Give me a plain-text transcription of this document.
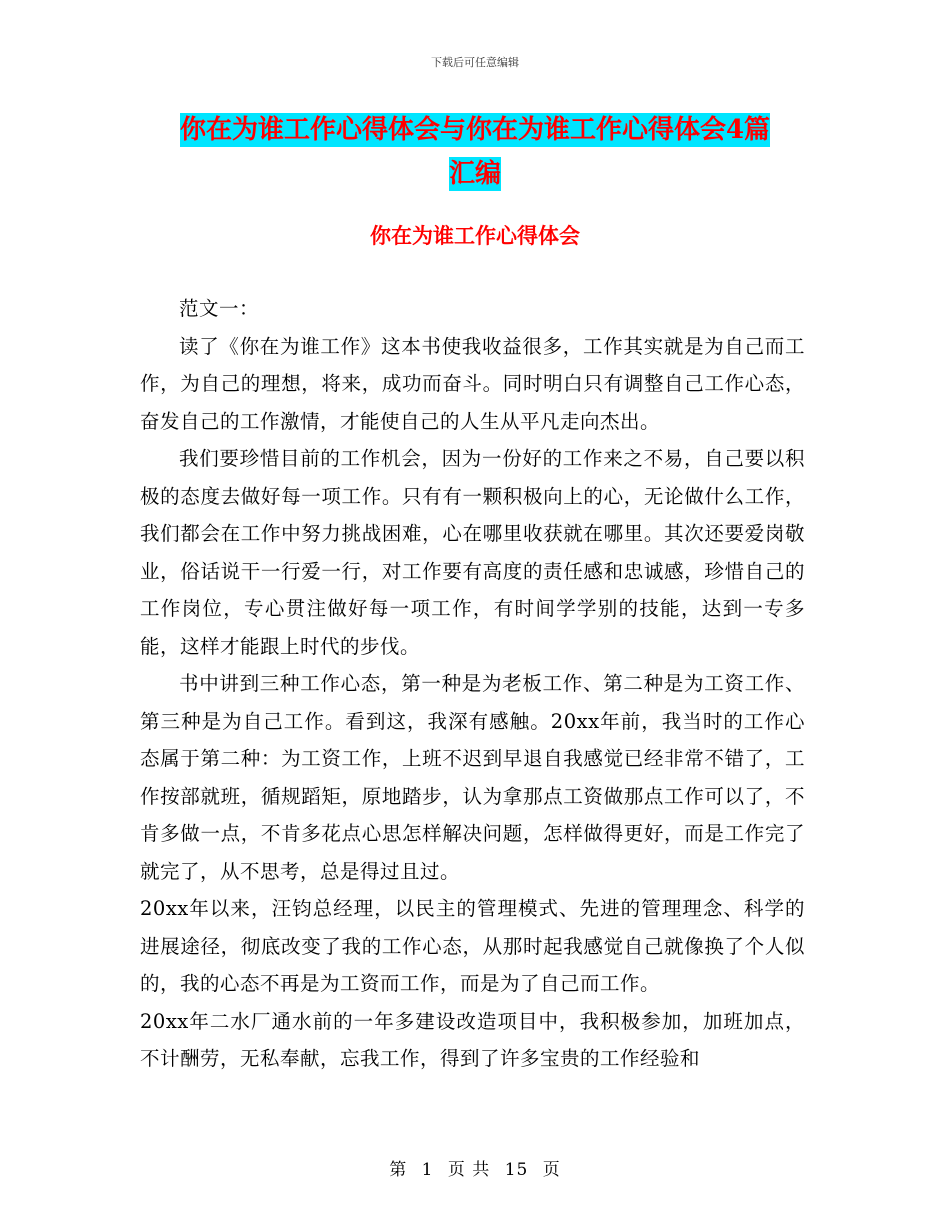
下载后可任意编辑
你在为谁工作心得体会与你在为谁工作心得体会4篇
汇编
你在为谁工作心得体会

范文一：

读了《你在为谁工作》这本书使我收益很多，工作其实就是为自己而工作，为自己的理想，将来，成功而奋斗。同时明白只有调整自己工作心态，奋发自己的工作激情，才能使自己的人生从平凡走向杰出。

我们要珍惜目前的工作机会，因为一份好的工作来之不易，自己要以积极的态度去做好每一项工作。只有有一颗积极向上的心，无论做什么工作，我们都会在工作中努力挑战困难，心在哪里收获就在哪里。其次还要爱岗敬业，俗话说干一行爱一行，对工作要有高度的责任感和忠诚感，珍惜自己的工作岗位，专心贯注做好每一项工作，有时间学学别的技能，达到一专多能，这样才能跟上时代的步伐。

书中讲到三种工作心态，第一种是为老板工作、第二种是为工资工作、第三种是为自己工作。看到这，我深有感触。20xx年前，我当时的工作心态属于第二种：为工资工作，上班不迟到早退自我感觉已经非常不错了，工作按部就班，循规蹈矩，原地踏步，认为拿那点工资做那点工作可以了，不肯多做一点，不肯多花点心思怎样解决问题，怎样做得更好，而是工作完了就完了，从不思考，总是得过且过。

20xx年以来，汪钧总经理，以民主的管理模式、先进的管理理念、科学的进展途径，彻底改变了我的工作心态，从那时起我感觉自己就像换了个人似的，我的心态不再是为工资而工作，而是为了自己而工作。

20xx年二水厂通水前的一年多建设改造项目中，我积极参加，加班加点，不计酬劳，无私奉献，忘我工作，得到了许多宝贵的工作经验和

第 1 页 共 15 页
